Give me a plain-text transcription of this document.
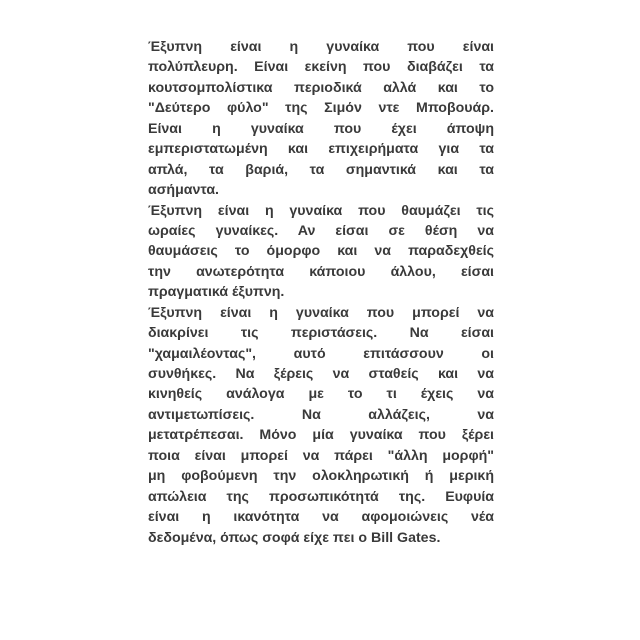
Έξυπνη είναι η γυναίκα που είναι
πολύπλευρη. Είναι εκείνη που διαβάζει τα
κουτσομπολίστικα περιοδικά αλλά και το
"Δεύτερο φύλο" της Σιμόν ντε Μποβουάρ.
Είναι η γυναίκα που έχει άποψη
εμπεριστατωμένη και επιχειρήματα για τα
απλά, τα βαριά, τα σημαντικά και τα
ασήμαντα.

Έξυπνη είναι η γυναίκα που θαυμάζει τις
ωραίες γυναίκες. Αν είσαι σε θέση να
θαυμάσεις το όμορφο και να παραδεχθείς
την ανωτερότητα κάποιου άλλου, είσαι
πραγματικά έξυπνη.

Έξυπνη είναι η γυναίκα που μπορεί να
διακρίνει τις περιστάσεις. Να είσαι
"χαμαιλέοντας", αυτό επιτάσσουν οι
συνθήκες. Να ξέρεις να σταθείς και να
κινηθείς ανάλογα με το τι έχεις να
αντιμετωπίσεις. Να αλλάζεις, να
μετατρέπεσαι. Μόνο μία γυναίκα που ξέρει
ποια είναι μπορεί να πάρει "άλλη μορφή"
μη φοβούμενη την ολοκληρωτική ή μερική
απώλεια της προσωπικότητά της. Ευφυία
είναι η ικανότητα να αφομοιώνεις νέα
δεδομένα, όπως σοφά είχε πει ο Bill Gates.
